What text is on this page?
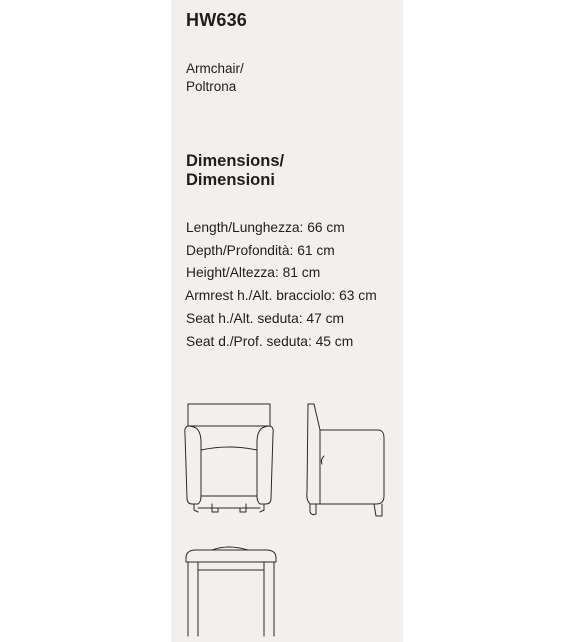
HW636
Armchair/
Poltrona
Dimensions/
Dimensioni
Length/Lunghezza: 66 cm
Depth/Profondità: 61 cm
Height/Altezza: 81 cm
Armrest h./Alt. bracciolo: 63 cm
Seat h./Alt. seduta: 47 cm
Seat d./Prof. seduta: 45 cm
